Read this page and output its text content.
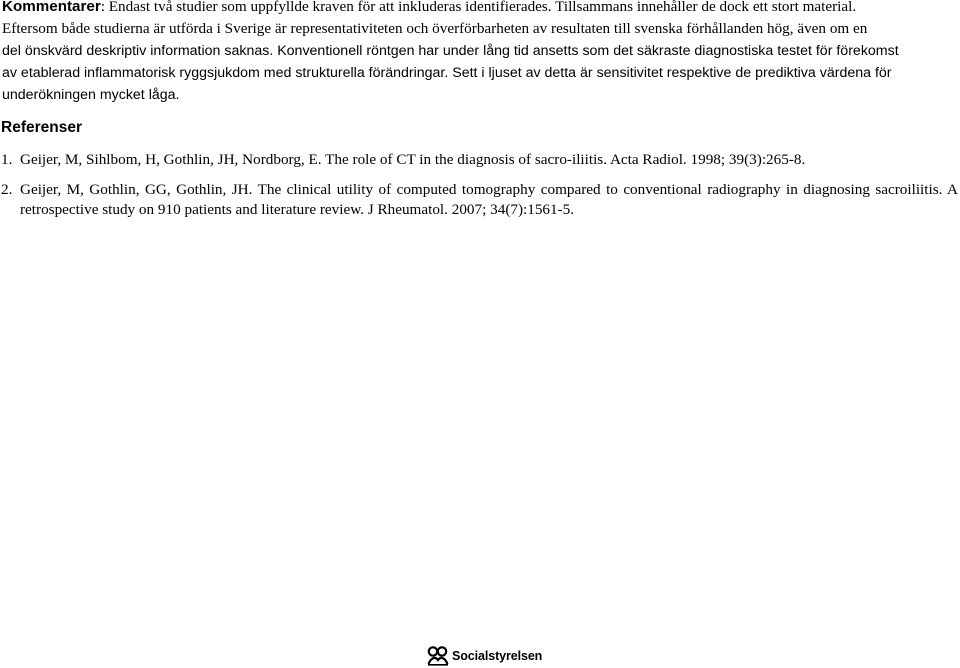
Kommentarer: Endast två studier som uppfyllde kraven för att inkluderas identifierades. Tillsammans innehåller de dock ett stort material.

Eftersom både studierna är utförda i Sverige är representativiteten och överförbarheten av resultaten till svenska förhållanden hög, även om en

del önskvärd deskriptiv information saknas. Konventionell röntgen har under lång tid ansetts som det säkraste diagnostiska testet för förekomst

av etablerad inflammatorisk ryggsjukdom med strukturella förändringar. Sett i ljuset av detta är sensitivitet respektive de prediktiva värdena för

underökningen mycket låga.

Referenser
1. Geijer, M, Sihlbom, H, Gothlin, JH, Nordborg, E. The role of CT in the diagnosis of sacro-iliitis. Acta Radiol. 1998; 39(3):265-8.
2. Geijer, M, Gothlin, GG, Gothlin, JH. The clinical utility of computed tomography compared to conventional radiography in diagnosing sacroiliitis. A retrospective study on 910 patients and literature review. J Rheumatol. 2007; 34(7):1561-5.
Socialstyrelsen
